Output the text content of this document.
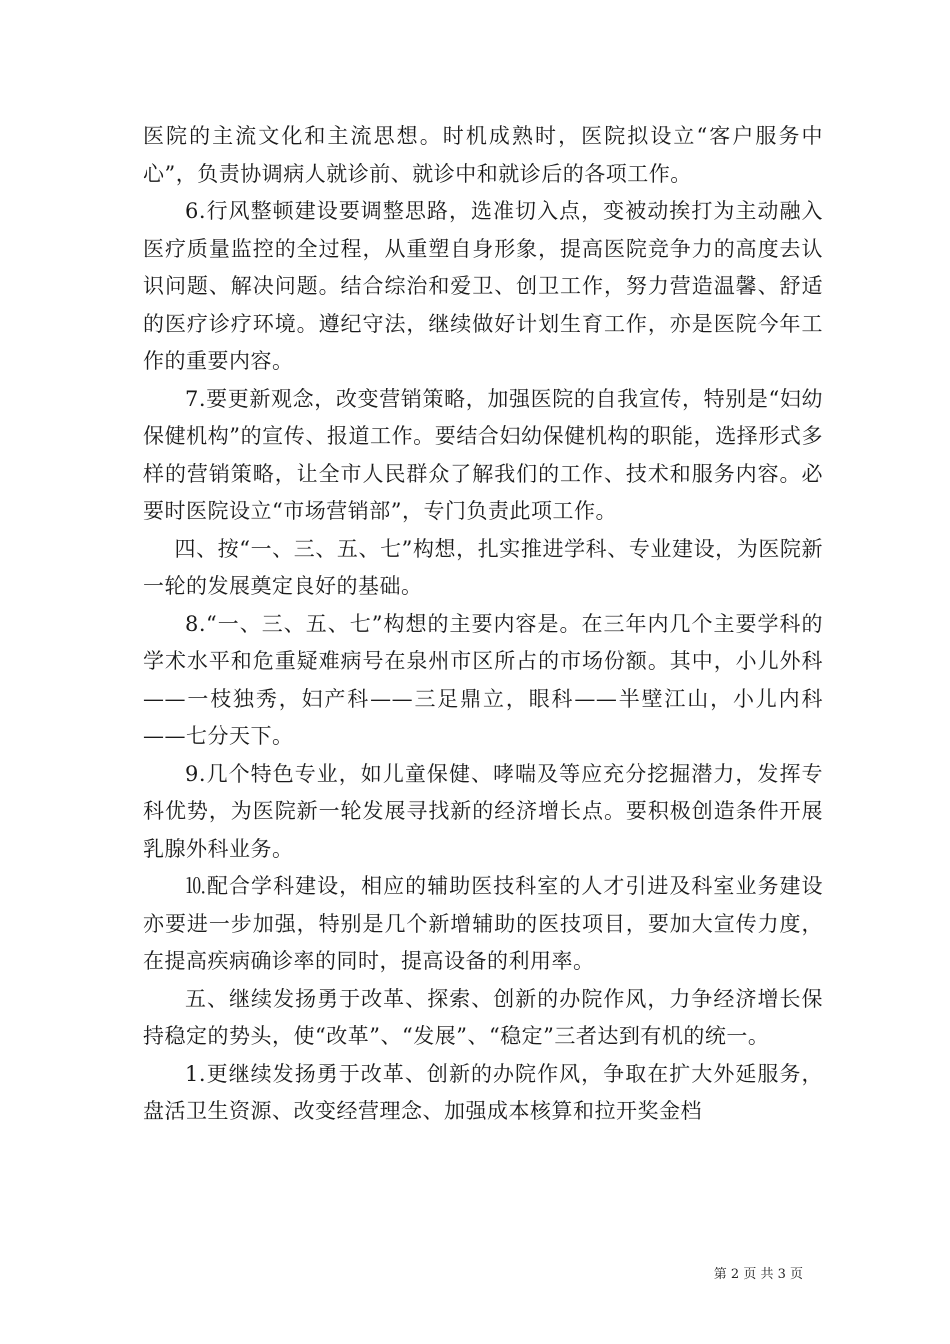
医院的主流文化和主流思想。时机成熟时，医院拟设立“客户服务中心”，负责协调病人就诊前、就诊中和就诊后的各项工作。

6.行风整顿建设要调整思路，选准切入点，变被动挨打为主动融入医疗质量监控的全过程，从重塑自身形象，提高医院竞争力的高度去认识问题、解决问题。结合综治和爱卫、创卫工作，努力营造温馨、舒适的医疗诊疗环境。遵纪守法，继续做好计划生育工作，亦是医院今年工作的重要内容。

7.要更新观念，改变营销策略，加强医院的自我宣传，特别是“妇幼保健机构”的宣传、报道工作。要结合妇幼保健机构的职能，选择形式多样的营销策略，让全市人民群众了解我们的工作、技术和服务内容。必要时医院设立“市场营销部”，专门负责此项工作。

四、按“一、三、五、七”构想，扎实推进学科、专业建设，为医院新一轮的发展奠定良好的基础。

8.“一、三、五、七”构想的主要内容是。在三年内几个主要学科的学术水平和危重疑难病号在泉州市区所占的市场份额。其中，小儿外科——一枝独秀，妇产科——三足鼎立，眼科——半壁江山，小儿内科——七分天下。

9.几个特色专业，如儿童保健、哮喘及等应充分挖掘潜力，发挥专科优势，为医院新一轮发展寻找新的经济增长点。要积极创造条件开展乳腺外科业务。

⒑配合学科建设，相应的辅助医技科室的人才引进及科室业务建设亦要进一步加强，特别是几个新增辅助的医技项目，要加大宣传力度，在提高疾病确诊率的同时，提高设备的利用率。

五、继续发扬勇于改革、探索、创新的办院作风，力争经济增长保持稳定的势头，使“改革”、“发展”、“稳定”三者达到有机的统一。

1.更继续发扬勇于改革、创新的办院作风，争取在扩大外延服务，盘活卫生资源、改变经营理念、加强成本核算和拉开奖金档

第 2 页 共 3 页
